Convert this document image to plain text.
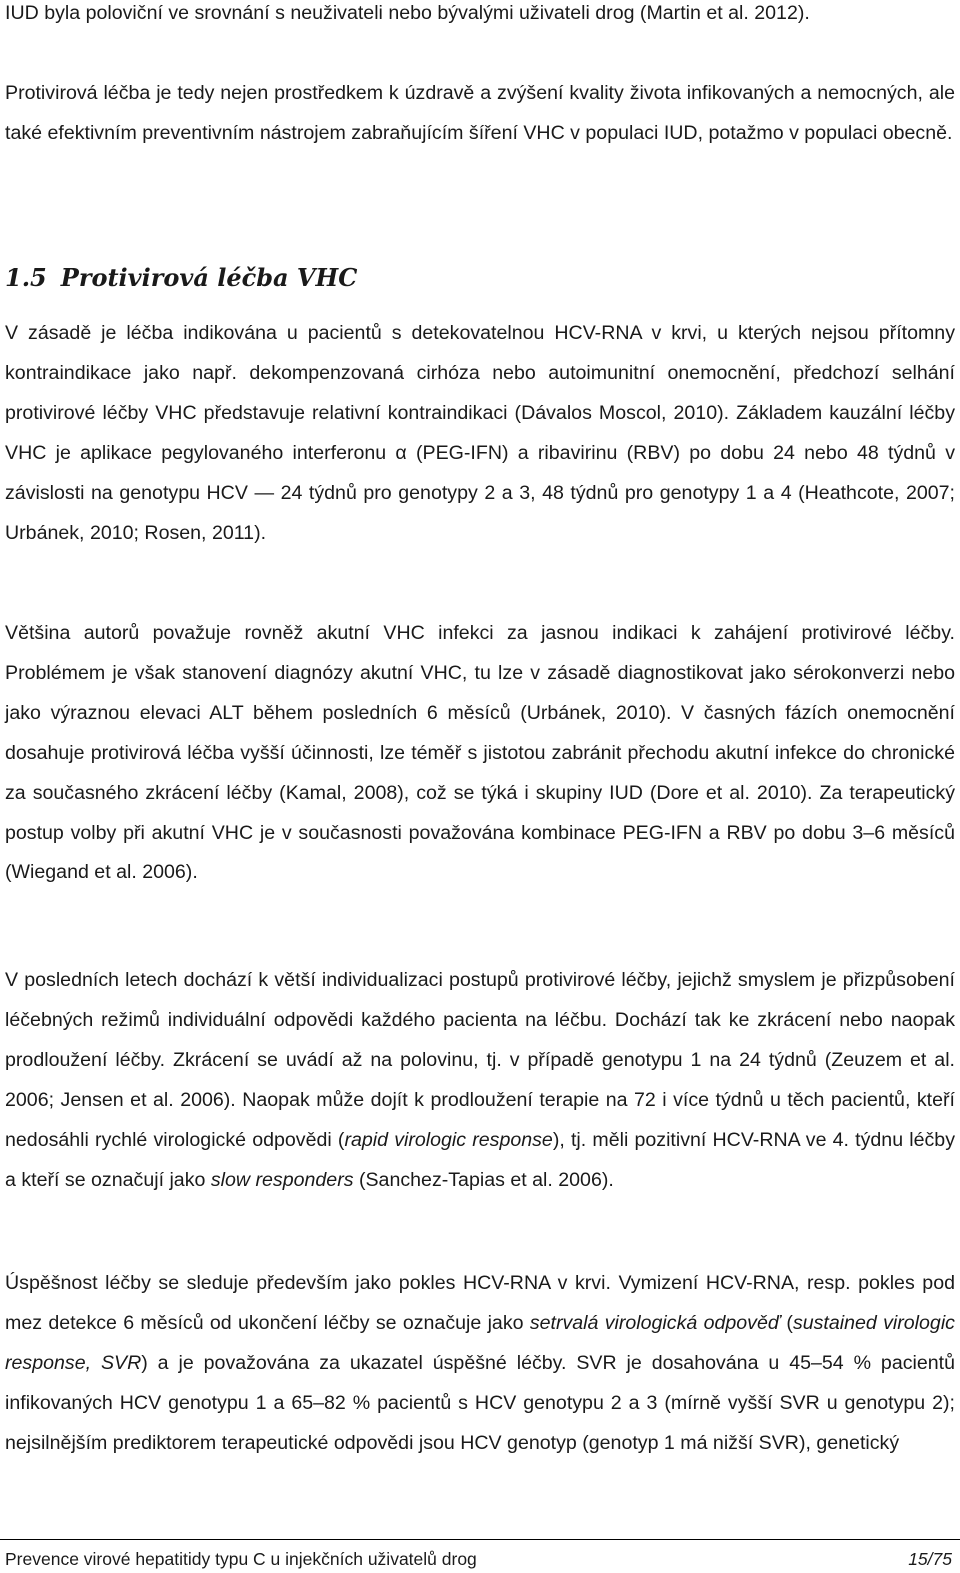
IUD byla poloviční ve srovnání s neuživateli nebo bývalými uživateli drog (Martin et al. 2012).

Protivirová léčba je tedy nejen prostředkem k úzdravě a zvýšení kvality života infikovaných a nemocných, ale také efektivním preventivním nástrojem zabraňujícím šíření VHC v populaci IUD, potažmo v populaci obecně.

1.5 Protivirová léčba VHC

V zásadě je léčba indikována u pacientů s detekovatelnou HCV-RNA v krvi, u kterých nejsou přítomny kontraindikace jako např. dekompenzovaná cirhóza nebo autoimunitní onemocnění, předchozí selhání protivirové léčby VHC představuje relativní kontraindikaci (Dávalos Moscol, 2010). Základem kauzální léčby VHC je aplikace pegylovaného interferonu α (PEG-IFN) a ribavirinu (RBV) po dobu 24 nebo 48 týdnů v závislosti na genotypu HCV — 24 týdnů pro genotypy 2 a 3, 48 týdnů pro genotypy 1 a 4 (Heathcote, 2007; Urbánek, 2010; Rosen, 2011).

Většina autorů považuje rovněž akutní VHC infekci za jasnou indikaci k zahájení protivirové léčby. Problémem je však stanovení diagnózy akutní VHC, tu lze v zásadě diagnostikovat jako sérokonverzi nebo jako výraznou elevaci ALT během posledních 6 měsíců (Urbánek, 2010). V časných fázích onemocnění dosahuje protivirová léčba vyšší účinnosti, lze téměř s jistotou zabránit přechodu akutní infekce do chronické za současného zkrácení léčby (Kamal, 2008), což se týká i skupiny IUD (Dore et al. 2010). Za terapeutický postup volby při akutní VHC je v současnosti považována kombinace PEG-IFN a RBV po dobu 3–6 měsíců (Wiegand et al. 2006).

V posledních letech dochází k větší individualizaci postupů protivirové léčby, jejichž smyslem je přizpůsobení léčebných režimů individuální odpovědi každého pacienta na léčbu. Dochází tak ke zkrácení nebo naopak prodloužení léčby. Zkrácení se uvádí až na polovinu, tj. v případě genotypu 1 na 24 týdnů (Zeuzem et al. 2006; Jensen et al. 2006). Naopak může dojít k prodloužení terapie na 72 i více týdnů u těch pacientů, kteří nedosáhli rychlé virologické odpovědi (rapid virologic response), tj. měli pozitivní HCV-RNA ve 4. týdnu léčby a kteří se označují jako slow responders (Sanchez-Tapias et al. 2006).

Úspěšnost léčby se sleduje především jako pokles HCV-RNA v krvi. Vymizení HCV-RNA, resp. pokles pod mez detekce 6 měsíců od ukončení léčby se označuje jako setrvalá virologická odpověď (sustained virologic response, SVR) a je považována za ukazatel úspěšné léčby. SVR je dosahována u 45–54 % pacientů infikovaných HCV genotypu 1 a 65–82 % pacientů s HCV genotypu 2 a 3 (mírně vyšší SVR u genotypu 2); nejsilnějším prediktorem terapeutické odpovědi jsou HCV genotyp (genotyp 1 má nižší SVR), genetický

Prevence virové hepatitidy typu C u injekčních uživatelů drog	15/75
